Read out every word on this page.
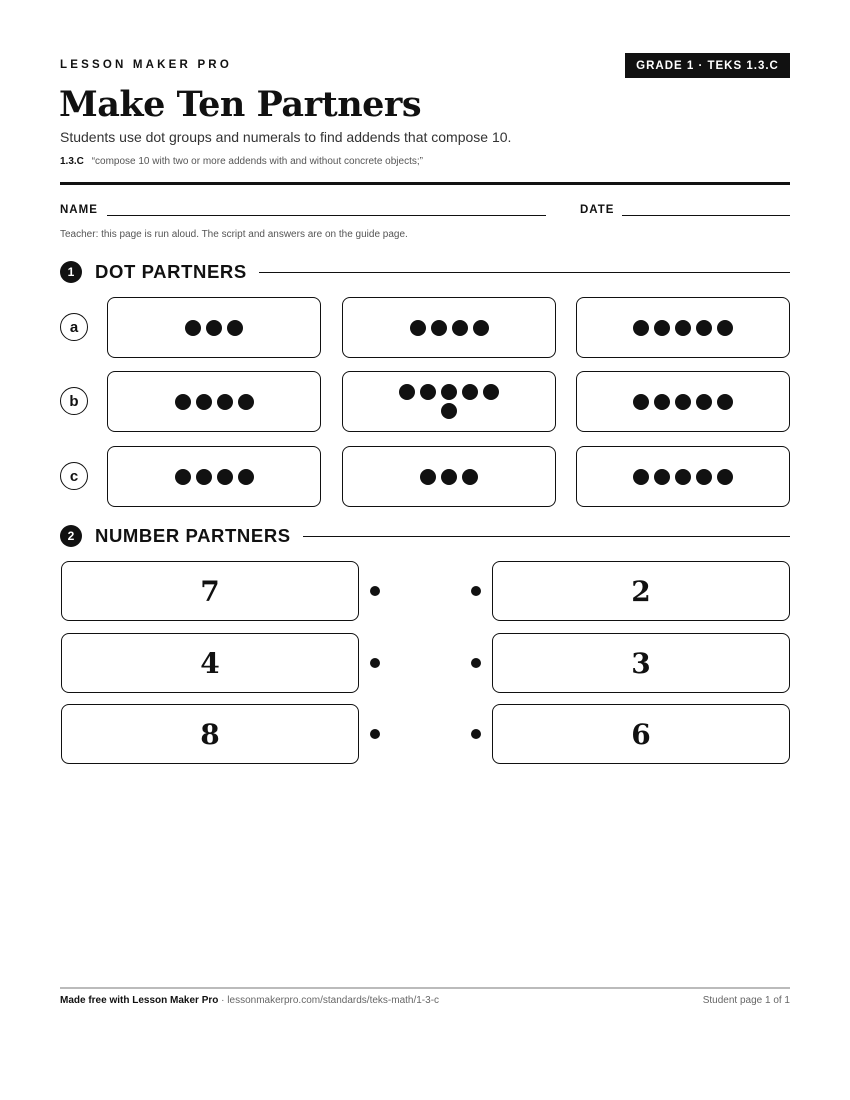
LESSON MAKER PRO	GRADE 1 · TEKS 1.3.C
Make Ten Partners
Students use dot groups and numerals to find addends that compose 10.
1.3.C “compose 10 with two or more addends with and without concrete objects;”
NAME	DATE
Teacher: this page is run aloud. The script and answers are on the guide page.
1	DOT PARTNERS
a
b
c
2	NUMBER PARTNERS
7	2
4	3
8	6
Made free with Lesson Maker Pro · lessonmakerpro.com/standards/teks-math/1-3-c	Student page 1 of 1
